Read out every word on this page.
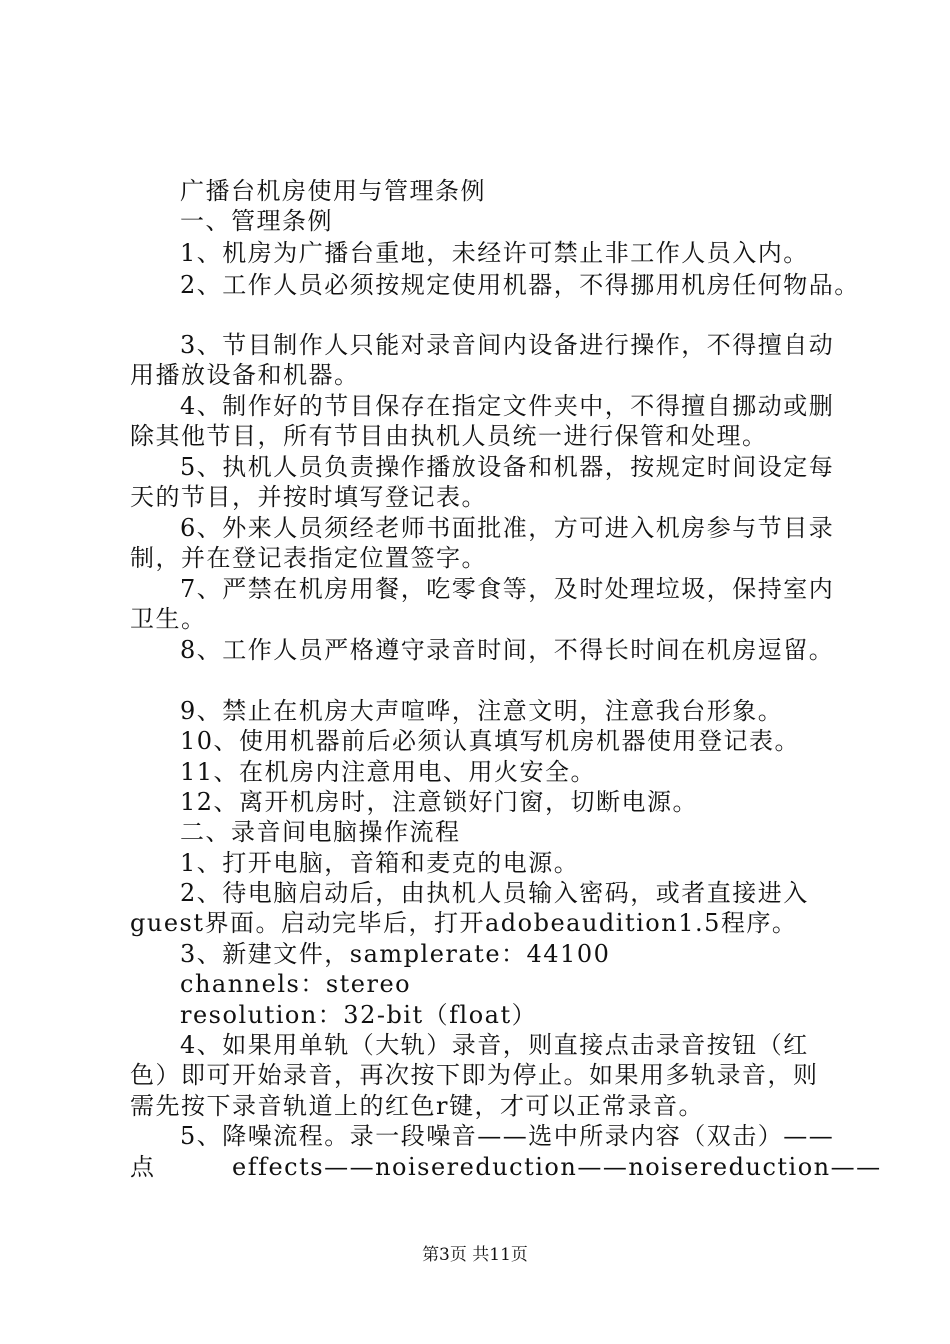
广播台机房使用与管理条例
一、管理条例
1、机房为广播台重地，未经许可禁止非工作人员入内。
2、工作人员必须按规定使用机器，不得挪用机房任何物品。
3、节目制作人只能对录音间内设备进行操作，不得擅自动
用播放设备和机器。
4、制作好的节目保存在指定文件夹中，不得擅自挪动或删
除其他节目，所有节目由执机人员统一进行保管和处理。
5、执机人员负责操作播放设备和机器，按规定时间设定每
天的节目，并按时填写登记表。
6、外来人员须经老师书面批准，方可进入机房参与节目录
制，并在登记表指定位置签字。
7、严禁在机房用餐，吃零食等，及时处理垃圾，保持室内
卫生。
8、工作人员严格遵守录音时间，不得长时间在机房逗留。
9、禁止在机房大声喧哗，注意文明，注意我台形象。
10、使用机器前后必须认真填写机房机器使用登记表。
11、在机房内注意用电、用火安全。
12、离开机房时，注意锁好门窗，切断电源。
二、录音间电脑操作流程
1、打开电脑，音箱和麦克的电源。
2、待电脑启动后，由执机人员输入密码，或者直接进入
guest界面。启动完毕后，打开adobeaudition1.5程序。
3、新建文件，samplerate：44100
channels：stereo
resolution：32-bit（float）
4、如果用单轨（大轨）录音，则直接点击录音按钮（红
色）即可开始录音，再次按下即为停止。如果用多轨录音，则
需先按下录音轨道上的红色r键，才可以正常录音。
5、降噪流程。录一段噪音——选中所录内容（双击）——
点	effects——noisereduction——noisereduction——
第3页 共11页
